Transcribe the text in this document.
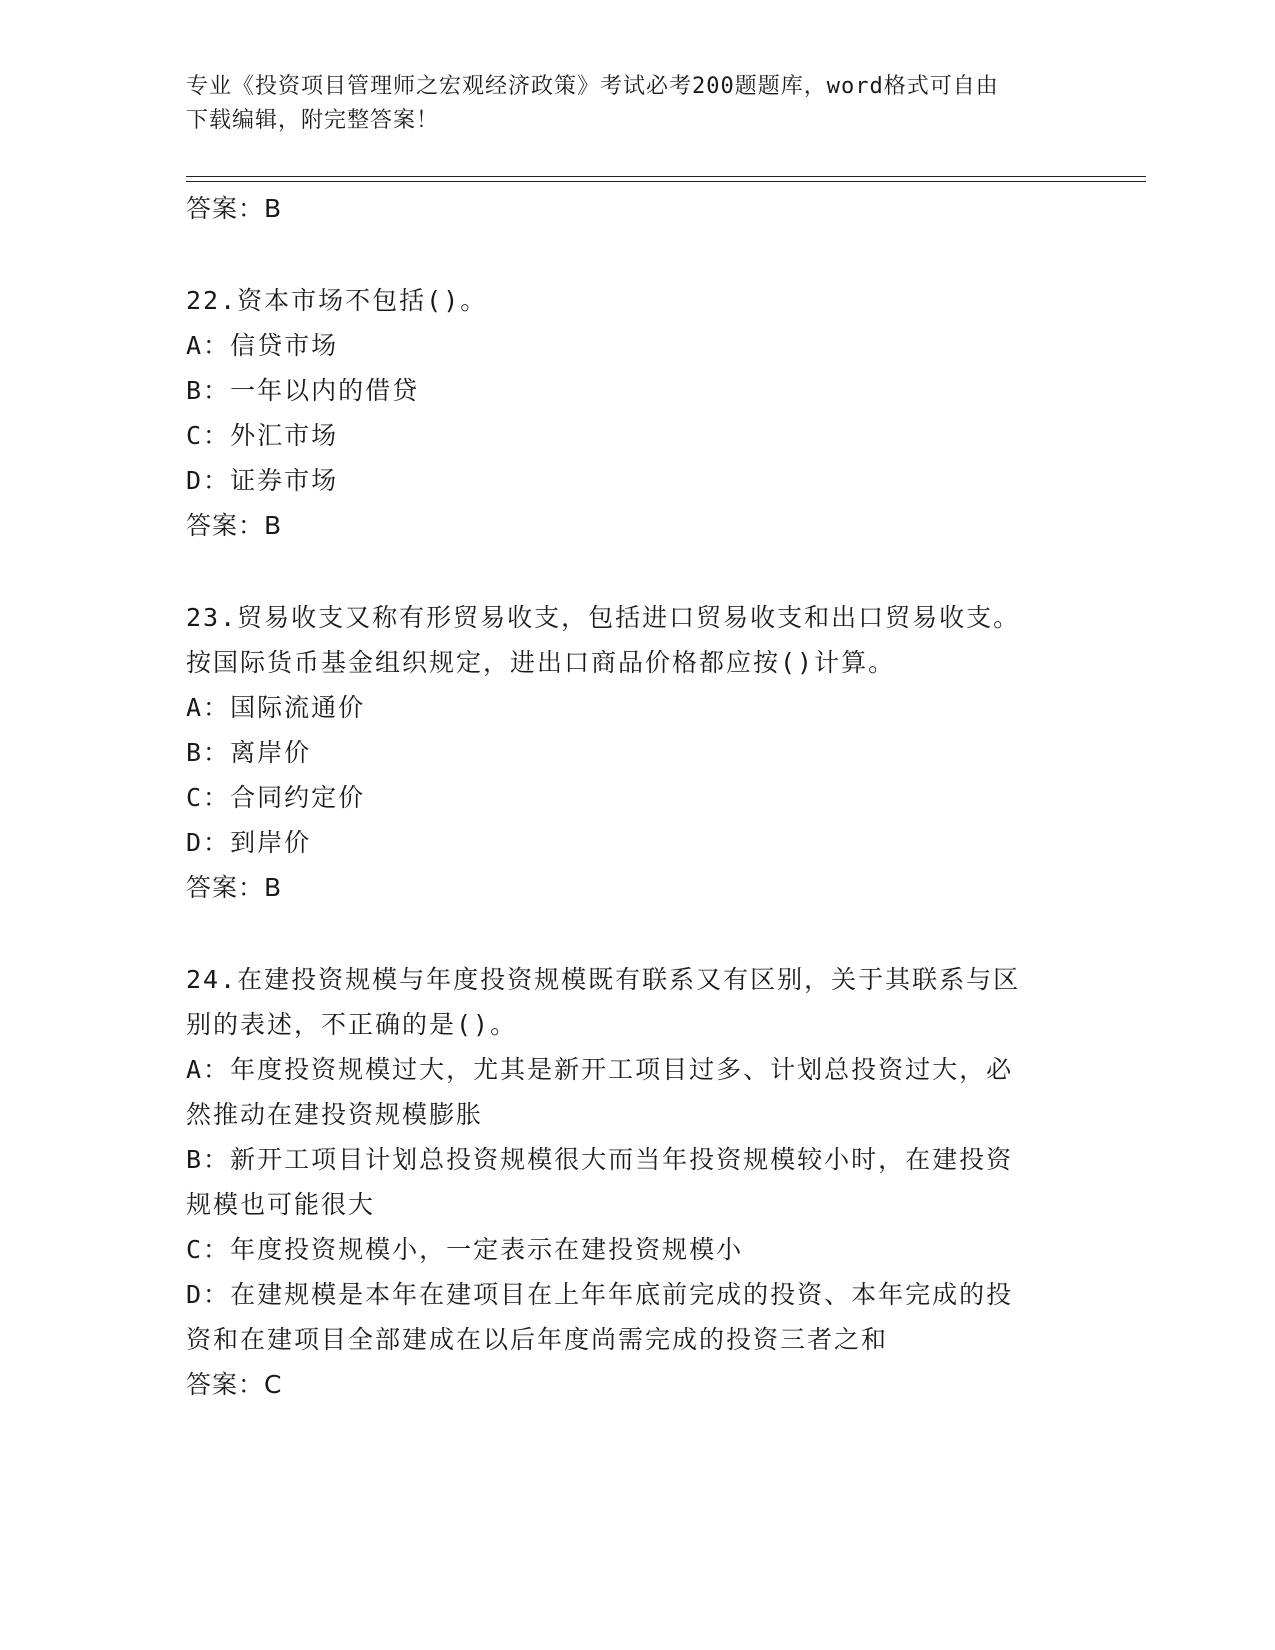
专业《投资项目管理师之宏观经济政策》考试必考200题题库，word格式可自由
下载编辑，附完整答案！

答案：B

22.资本市场不包括()。

A：信贷市场

B：一年以内的借贷

C：外汇市场

D：证券市场

答案：B

23.贸易收支又称有形贸易收支，包括进口贸易收支和出口贸易收支。

按国际货币基金组织规定，进出口商品价格都应按()计算。

A：国际流通价

B：离岸价

C：合同约定价

D：到岸价

答案：B

24.在建投资规模与年度投资规模既有联系又有区别，关于其联系与区

别的表述，不正确的是()。

A：年度投资规模过大，尤其是新开工项目过多、计划总投资过大，必

然推动在建投资规模膨胀

B：新开工项目计划总投资规模很大而当年投资规模较小时，在建投资

规模也可能很大

C：年度投资规模小，一定表示在建投资规模小

D：在建规模是本年在建项目在上年年底前完成的投资、本年完成的投

资和在建项目全部建成在以后年度尚需完成的投资三者之和

答案：C
